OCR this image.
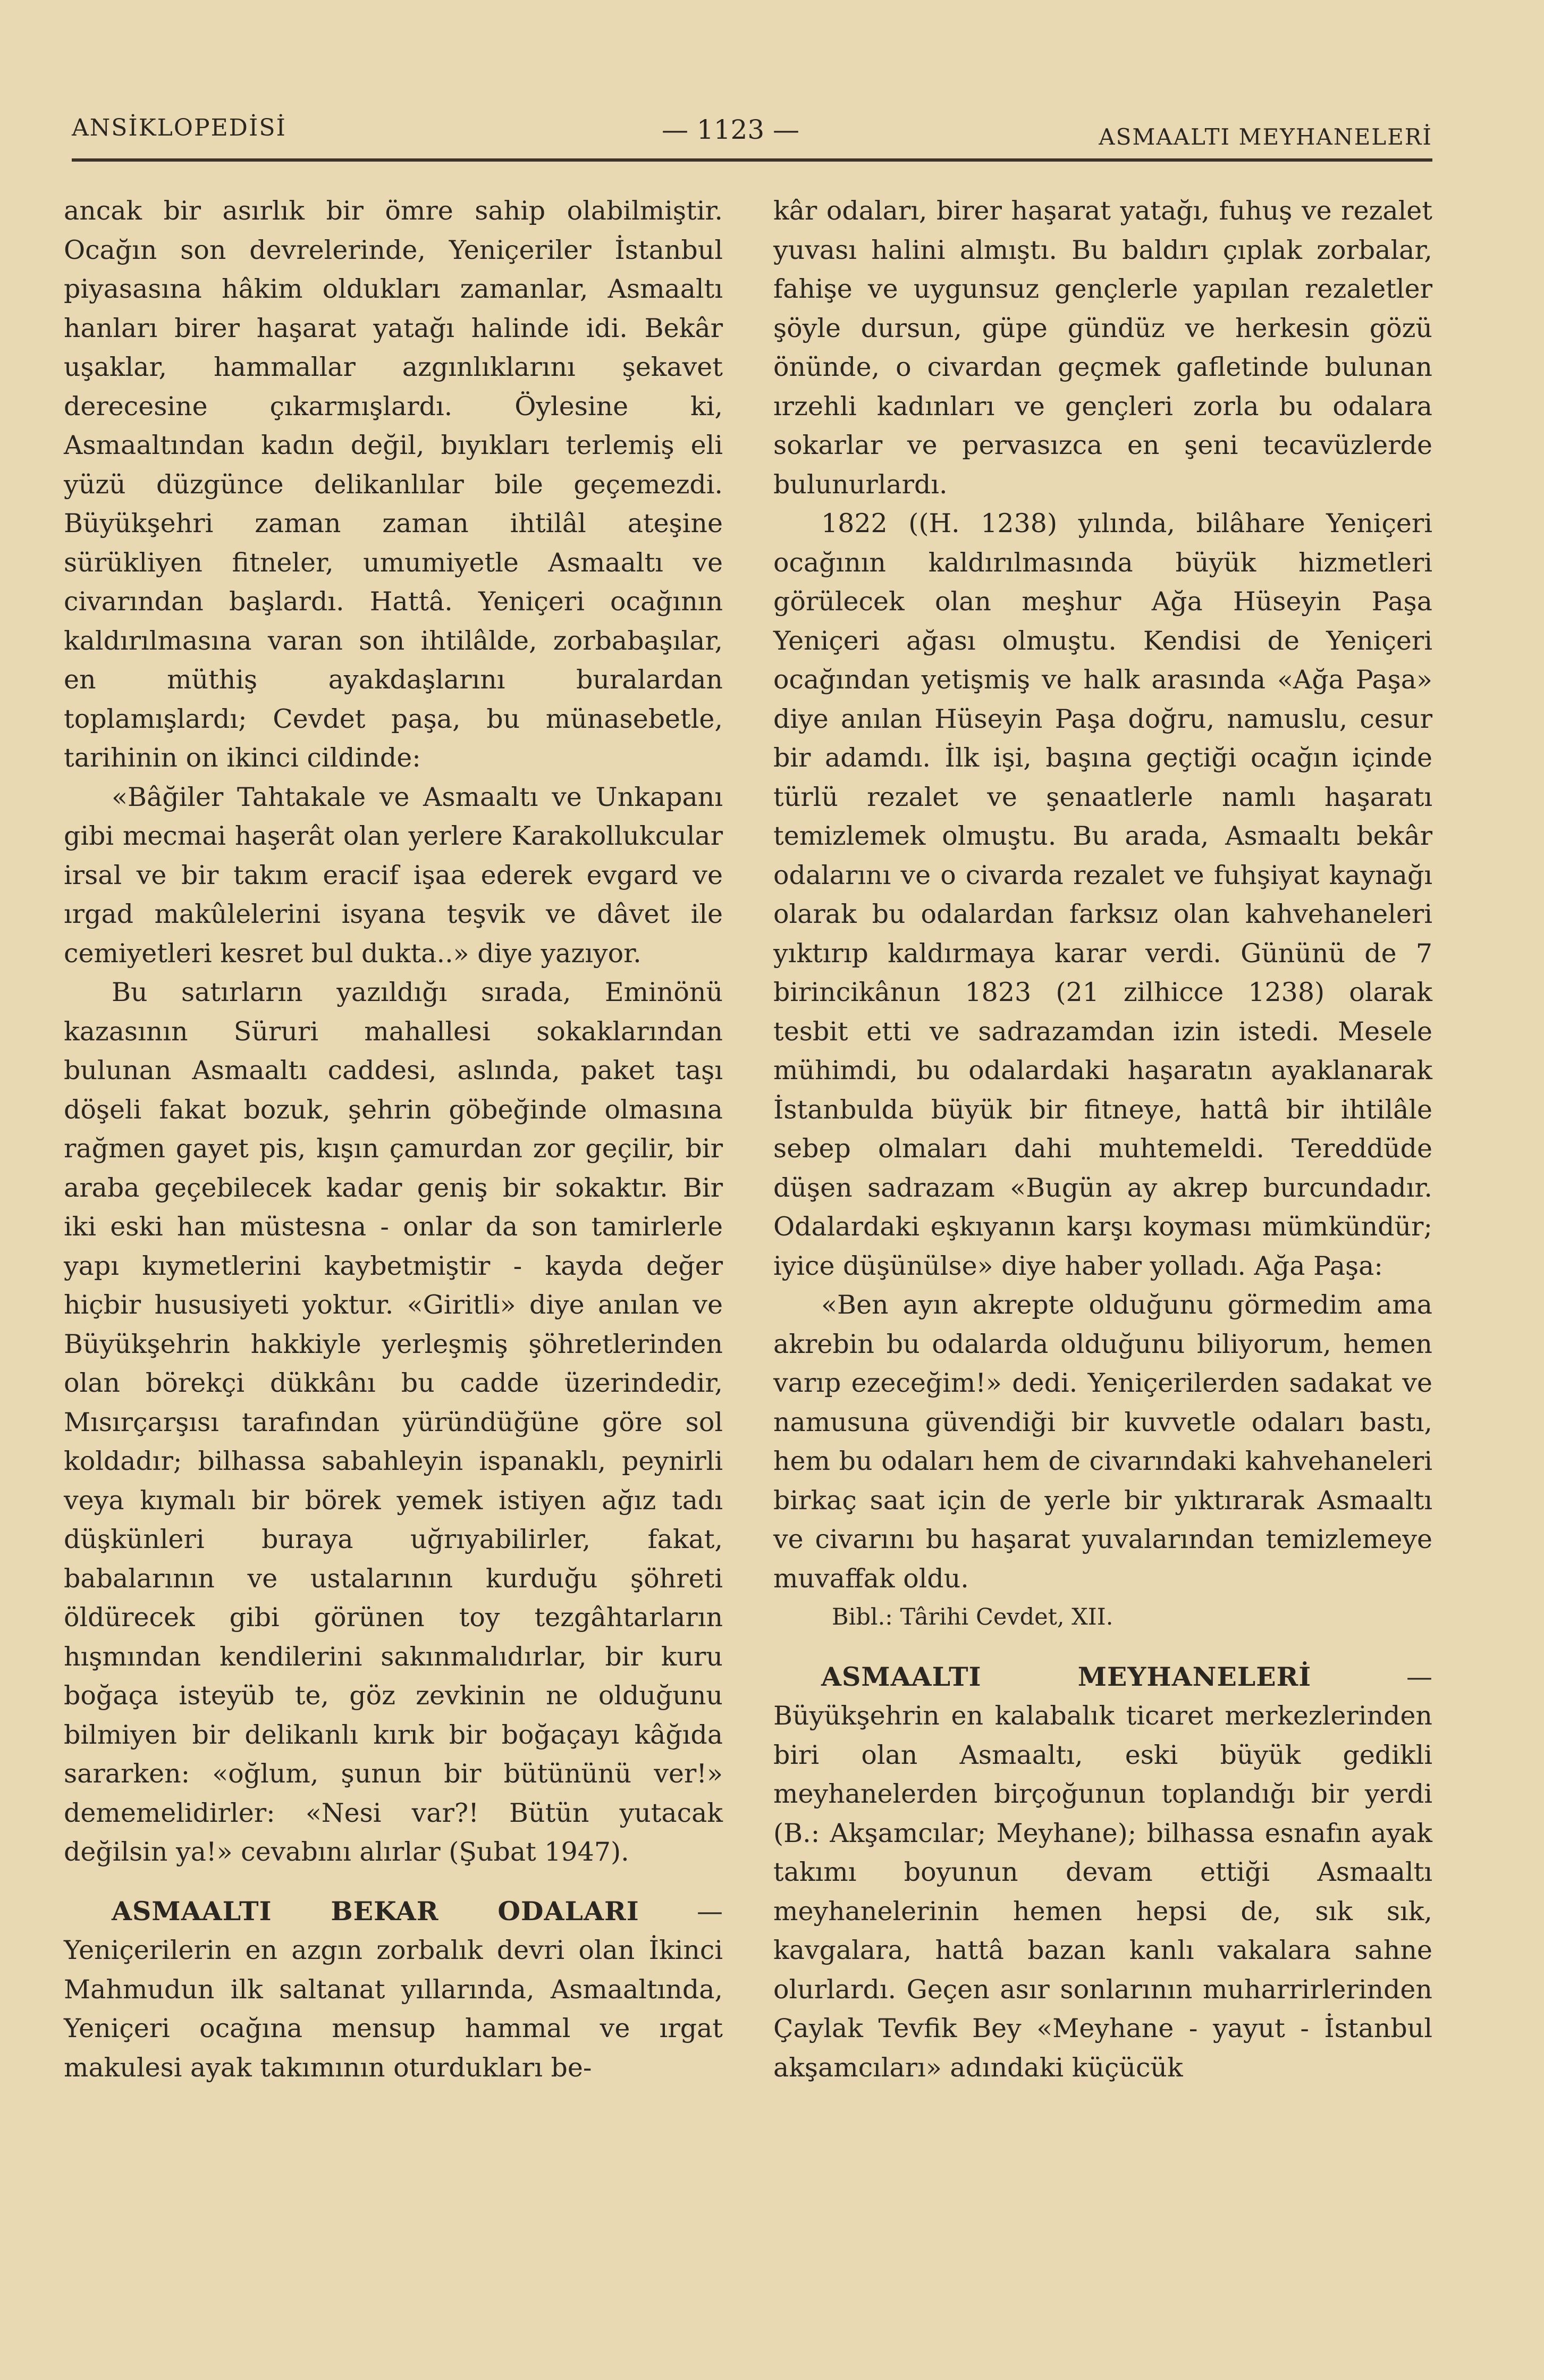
ANSİKLOPEDİSİ	— 1123 —	ASMAALTI MEYHANELERİ

ancak bir asırlık bir ömre sahip olabilmiştir. Ocağın son devrelerinde, Yeniçeriler İstanbul piyasasına hâkim oldukları zamanlar, Asmaaltı hanları birer haşarat yatağı halinde idi. Bekâr uşaklar, hammallar azgınlıklarını şekavet derecesine çıkarmışlardı. Öylesine ki, Asmaaltından kadın değil, bıyıkları terlemiş eli yüzü düzgünce delikanlılar bile geçemezdi. Büyükşehri zaman zaman ihtilâl ateşine sürükliyen fitneler, umumiyetle Asmaaltı ve civarından başlardı. Hattâ. Yeniçeri ocağının kaldırılmasına varan son ihtilâlde, zorbabaşılar, en müthiş ayakdaşlarını buralardan toplamışlardı; Cevdet paşa, bu münasebetle, tarihinin on ikinci cildinde:

«Bâğiler Tahtakale ve Asmaaltı ve Unkapanı gibi mecmai haşerât olan yerlere Karakollukcular irsal ve bir takım eracif işaa ederek evgard ve ırgad makûlelerini isyana teşvik ve dâvet ile cemiyetleri kesret bul dukta..» diye yazıyor.

Bu satırların yazıldığı sırada, Eminönü kazasının Süruri mahallesi sokaklarından bulunan Asmaaltı caddesi, aslında, paket taşı döşeli fakat bozuk, şehrin göbeğinde olmasına rağmen gayet pis, kışın çamurdan zor geçilir, bir araba geçebilecek kadar geniş bir sokaktır. Bir iki eski han müstesna - onlar da son tamirlerle yapı kıymetlerini kaybetmiştir - kayda değer hiçbir hususiyeti yoktur. «Giritli» diye anılan ve Büyükşehrin hakkiyle yerleşmiş şöhretlerinden olan börekçi dükkânı bu cadde üzerindedir, Mısırçarşısı tarafından yüründüğüne göre sol koldadır; bilhassa sabahleyin ispanaklı, peynirli veya kıymalı bir börek yemek istiyen ağız tadı düşkünleri buraya uğrıyabilirler, fakat, babalarının ve ustalarının kurduğu şöhreti öldürecek gibi görünen toy tezgâhtarların hışmından kendilerini sakınmalıdırlar, bir kuru boğaça isteyüb te, göz zevkinin ne olduğunu bilmiyen bir delikanlı kırık bir boğaçayı kâğıda sararken: «oğlum, şunun bir bütününü ver!» dememelidirler: «Nesi var?! Bütün yutacak değilsin ya!» cevabını alırlar (Şubat 1947).

ASMAALTI BEKAR ODALARI — Yeniçerilerin en azgın zorbalık devri olan İkinci Mahmudun ilk saltanat yıllarında, Asmaaltında, Yeniçeri ocağına mensup hammal ve ırgat makulesi ayak takımının oturdukları be-

kâr odaları, birer haşarat yatağı, fuhuş ve rezalet yuvası halini almıştı. Bu baldırı çıplak zorbalar, fahişe ve uygunsuz gençlerle yapılan rezaletler şöyle dursun, güpe gündüz ve herkesin gözü önünde, o civardan geçmek gafletinde bulunan ırzehli kadınları ve gençleri zorla bu odalara sokarlar ve pervasızca en şeni tecavüzlerde bulunurlardı.

1822 ((H. 1238) yılında, bilâhare Yeniçeri ocağının kaldırılmasında büyük hizmetleri görülecek olan meşhur Ağa Hüseyin Paşa Yeniçeri ağası olmuştu. Kendisi de Yeniçeri ocağından yetişmiş ve halk arasında «Ağa Paşa» diye anılan Hüseyin Paşa doğru, namuslu, cesur bir adamdı. İlk işi, başına geçtiği ocağın içinde türlü rezalet ve şenaatlerle namlı haşaratı temizlemek olmuştu. Bu arada, Asmaaltı bekâr odalarını ve o civarda rezalet ve fuhşiyat kaynağı olarak bu odalardan farksız olan kahvehaneleri yıktırıp kaldırmaya karar verdi. Gününü de 7 birincikânun 1823 (21 zilhicce 1238) olarak tesbit etti ve sadrazamdan izin istedi. Mesele mühimdi, bu odalardaki haşaratın ayaklanarak İstanbulda büyük bir fitneye, hattâ bir ihtilâle sebep olmaları dahi muhtemeldi. Tereddüde düşen sadrazam «Bugün ay akrep burcundadır. Odalardaki eşkıyanın karşı koyması mümkündür; iyice düşünülse» diye haber yolladı. Ağa Paşa:

«Ben ayın akrepte olduğunu görmedim ama akrebin bu odalarda olduğunu biliyorum, hemen varıp ezeceğim!» dedi. Yeniçerilerden sadakat ve namusuna güvendiği bir kuvvetle odaları bastı, hem bu odaları hem de civarındaki kahvehaneleri birkaç saat için de yerle bir yıktırarak Asmaaltı ve civarını bu haşarat yuvalarından temizlemeye muvaffak oldu.

Bibl.: Târihi Cevdet, XII.

ASMAALTI MEYHANELERİ — Büyükşehrin en kalabalık ticaret merkezlerinden biri olan Asmaaltı, eski büyük gedikli meyhanelerden birçoğunun toplandığı bir yerdi (B.: Akşamcılar; Meyhane); bilhassa esnafın ayak takımı boyunun devam ettiği Asmaaltı meyhanelerinin hemen hepsi de, sık sık, kavgalara, hattâ bazan kanlı vakalara sahne olurlardı. Geçen asır sonlarının muharrirlerinden Çaylak Tevfik Bey «Meyhane - yayut - İstanbul akşamcıları» adındaki küçücük
